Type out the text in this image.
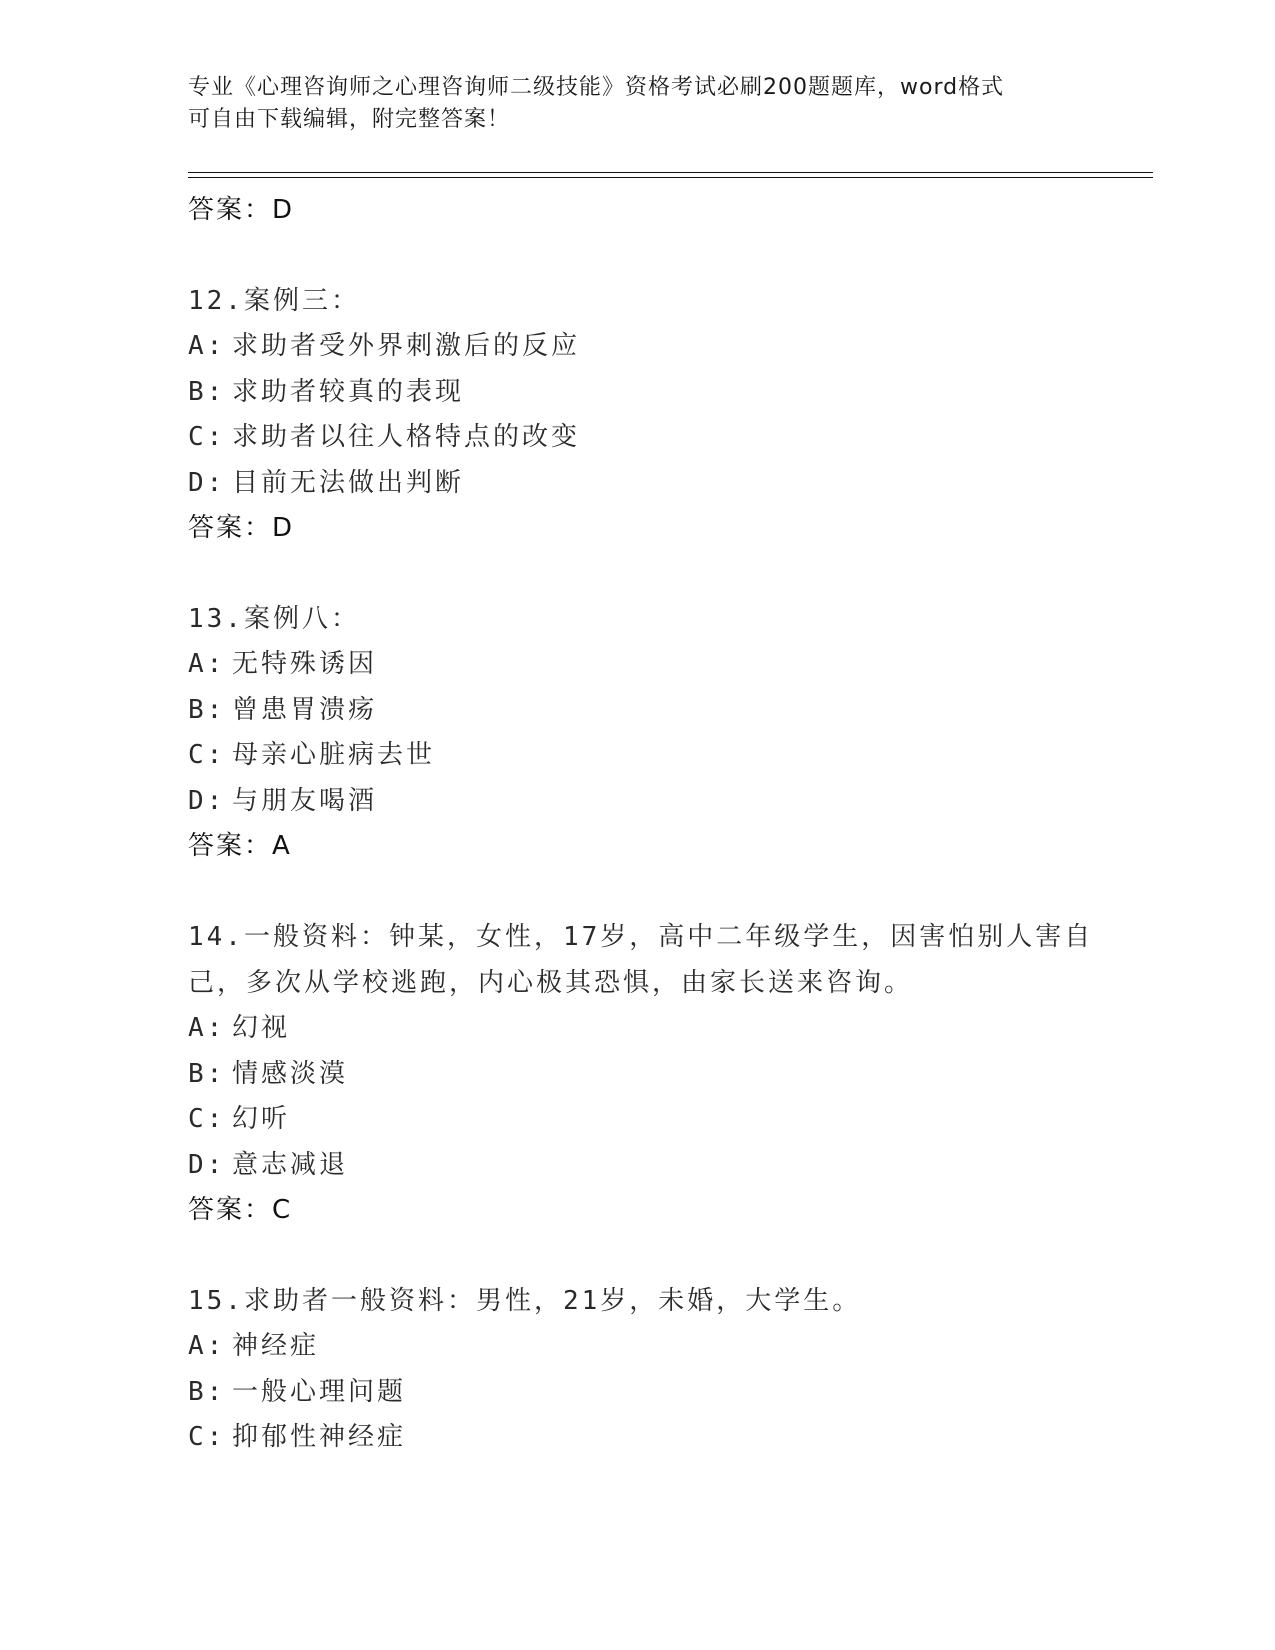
专业《心理咨询师之心理咨询师二级技能》资格考试必刷200题题库，word格式
可自由下载编辑，附完整答案！
答案：D
12.案例三：
A: 求助者受外界刺激后的反应
B: 求助者较真的表现
C: 求助者以往人格特点的改变
D: 目前无法做出判断
答案：D
13.案例八：
A: 无特殊诱因
B: 曾患胃溃疡
C: 母亲心脏病去世
D: 与朋友喝酒
答案：A
14.一般资料：钟某，女性，17岁，高中二年级学生，因害怕别人害自己，多次从学校逃跑，内心极其恐惧，由家长送来咨询。
A: 幻视
B: 情感淡漠
C: 幻听
D: 意志减退
答案：C
15.求助者一般资料：男性，21岁，未婚，大学生。
A: 神经症
B: 一般心理问题
C: 抑郁性神经症
